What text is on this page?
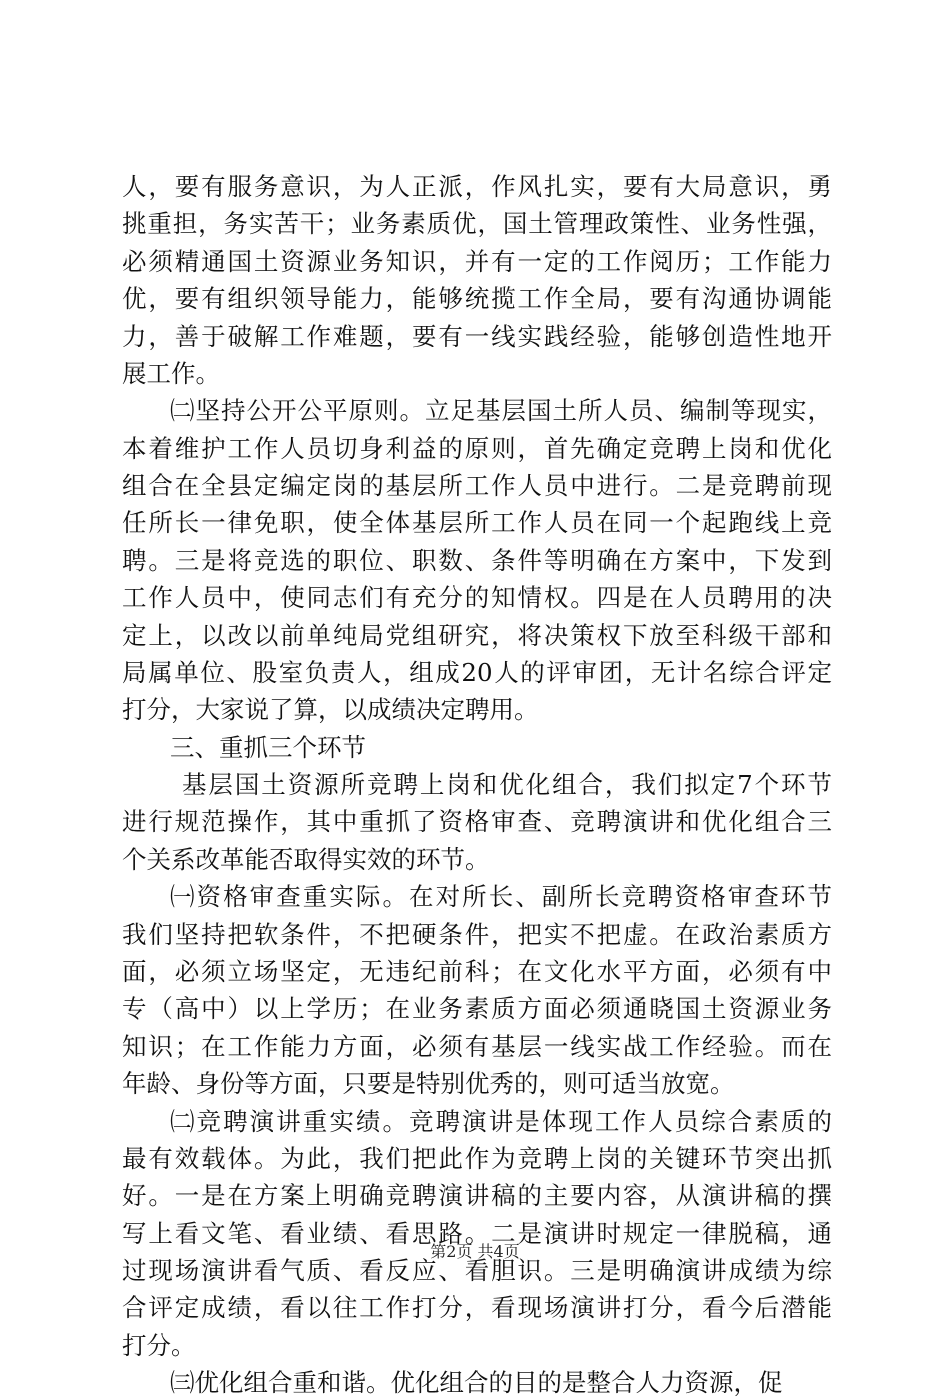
人，要有服务意识，为人正派，作风扎实，要有大局意识，勇
挑重担，务实苦干；业务素质优，国土管理政策性、业务性强，
必须精通国土资源业务知识，并有一定的工作阅历；工作能力
优，要有组织领导能力，能够统揽工作全局，要有沟通协调能
力，善于破解工作难题，要有一线实践经验，能够创造性地开
展工作。
㈡坚持公开公平原则。立足基层国土所人员、编制等现实，
本着维护工作人员切身利益的原则，首先确定竞聘上岗和优化
组合在全县定编定岗的基层所工作人员中进行。二是竞聘前现
任所长一律免职，使全体基层所工作人员在同一个起跑线上竞
聘。三是将竞选的职位、职数、条件等明确在方案中，下发到
工作人员中，使同志们有充分的知情权。四是在人员聘用的决
定上，以改以前单纯局党组研究，将决策权下放至科级干部和
局属单位、股室负责人，组成20人的评审团，无计名综合评定
打分，大家说了算，以成绩决定聘用。
三、重抓三个环节
基层国土资源所竞聘上岗和优化组合，我们拟定7个环节
进行规范操作，其中重抓了资格审查、竞聘演讲和优化组合三
个关系改革能否取得实效的环节。
㈠资格审查重实际。在对所长、副所长竞聘资格审查环节
我们坚持把软条件，不把硬条件，把实不把虚。在政治素质方
面，必须立场坚定，无违纪前科；在文化水平方面，必须有中
专（高中）以上学历；在业务素质方面必须通晓国土资源业务
知识；在工作能力方面，必须有基层一线实战工作经验。而在
年龄、身份等方面，只要是特别优秀的，则可适当放宽。
㈡竞聘演讲重实绩。竞聘演讲是体现工作人员综合素质的
最有效载体。为此，我们把此作为竞聘上岗的关键环节突出抓
好。一是在方案上明确竞聘演讲稿的主要内容，从演讲稿的撰
写上看文笔、看业绩、看思路。二是演讲时规定一律脱稿，通
过现场演讲看气质、看反应、看胆识。三是明确演讲成绩为综
合评定成绩，看以往工作打分，看现场演讲打分，看今后潜能
打分。
㈢优化组合重和谐。优化组合的目的是整合人力资源，促
第2页 共4页
